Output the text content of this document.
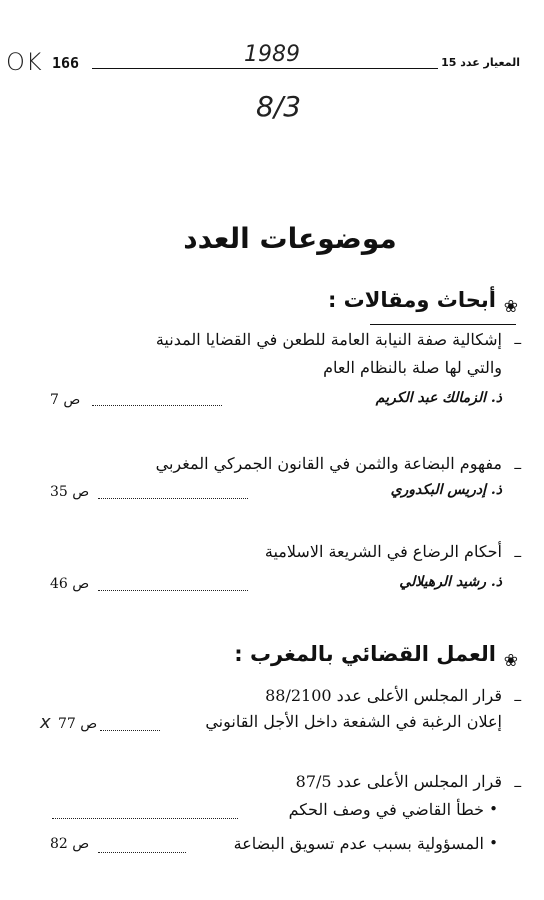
OK 166	1989	المعيار عدد 15
8/3
موضوعات العدد
❀
أبحاث ومقالات :
–
إشكالية صفة النيابة العامة للطعن في القضايا المدنية
والتي لها صلة بالنظام العام
ذ. الزمالك عبد الكريم
ص 7
–
مفهوم البضاعة والثمن في القانون الجمركي المغربي
ذ. إدريس البكدوري
ص 35
–
أحكام الرضاع في الشريعة الاسلامية
ذ. رشيد الرهيلالي
ص 46
❀
العمل القضائي بالمغرب :
–
قرار المجلس الأعلى عدد 88/2100
إعلان الرغبة في الشفعة داخل الأجل القانوني
ص 77
x
–
قرار المجلس الأعلى عدد 87/5
•
خطأ القاضي في وصف الحكم
•
المسؤولية بسبب عدم تسويق البضاعة
ص 82
